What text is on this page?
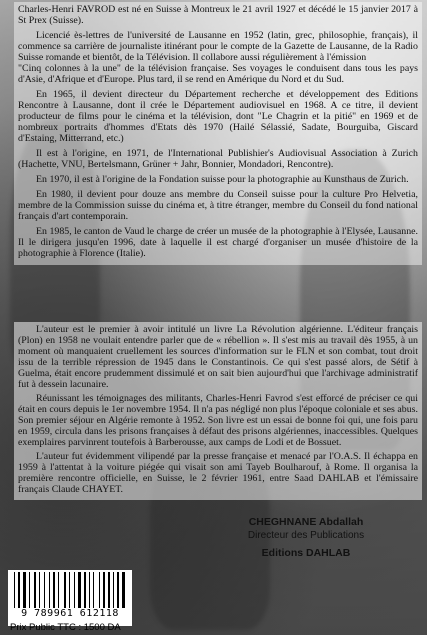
Charles-Henri FAVROD est né en Suisse à Montreux le 21 avril 1927 et décédé le 15 janvier 2017 à St Prex (Suisse).

Licencié ès-lettres de l'université de Lausanne en 1952 (latin, grec, philosophie, français), il commence sa carrière de journaliste itinérant pour le compte de la Gazette de Lausanne, de la Radio Suisse romande et bientôt, de la Télévision. Il collabore aussi régulièrement à l'émission

"Cinq colonnes à la une" de la télévision française. Ses voyages le conduisent dans tous les pays d'Asie, d'Afrique et d'Europe. Plus tard, il se rend en Amérique du Nord et du Sud.

En 1965, il devient directeur du Département recherche et développement des Editions Rencontre à Lausanne, dont il crée le Département audiovisuel en 1968. A ce titre, il devient producteur de films pour le cinéma et la télévision, dont "Le Chagrin et la pitié" en 1969 et de nombreux portraits d'hommes d'Etats dès 1970 (Hailé Sélassié, Sadate, Bourguiba, Giscard d'Estaing, Mitterrand, etc.)

Il est à l'origine, en 1971, de l'International Publishier's Audiovisual Association à Zurich (Hachette, VNU, Bertelsmann, Grüner + Jahr, Bonnier, Mondadori, Rencontre).

En 1970, il est à l'origine de la Fondation suisse pour la photographie au Kunsthaus de Zurich.

En 1980, il devient pour douze ans membre du Conseil suisse pour la culture Pro Helvetia, membre de la Commission suisse du cinéma et, à titre étranger, membre du Conseil du fond national français d'art contemporain.

En 1985, le canton de Vaud le charge de créer un musée de la photographie à l'Elysée, Lausanne. Il le dirigera jusqu'en 1996, date à laquelle il est chargé d'organiser un musée d'histoire de la photographie à Florence (Italie).

L'auteur est le premier à avoir intitulé un livre La Révolution algérienne. L'éditeur français (Plon) en 1958 ne voulait entendre parler que de « rébellion ». Il s'est mis au travail dès 1955, à un moment où manquaient cruellement les sources d'information sur le FLN et son combat, tout droit issu de la terrible répression de 1945 dans le Constantinois. Ce qui s'est passé alors, de Sétif à Guelma, était encore prudemment dissimulé et on sait bien aujourd'hui que l'archivage administratif fut à dessein lacunaire.

Réunissant les témoignages des militants, Charles-Henri Favrod s'est efforcé de préciser ce qui était en cours depuis le 1er novembre 1954. Il n'a pas négligé non plus l'époque coloniale et ses abus. Son premier séjour en Algérie remonte à 1952. Son livre est un essai de bonne foi qui, une fois paru en 1959, circula dans les prisons françaises à défaut des prisons algériennes, inaccessibles. Quelques exemplaires parvinrent toutefois à Barberousse, aux camps de Lodi et de Bossuet.

L'auteur fut évidemment vilipendé par la presse française et menacé par l'O.A.S. Il échappa en 1959 à l'attentat à la voiture piégée qui visait son ami Tayeb Boulharouf, à Rome. Il organisa la première rencontre officielle, en Suisse, le 2 février 1961, entre Saad DAHLAB et l'émissaire français Claude CHAYET.

CHEGHNANE Abdallah
Directeur des Publications
Editions DAHLAB
9 789961 612118
Prix Public TTC : 1500 DA
